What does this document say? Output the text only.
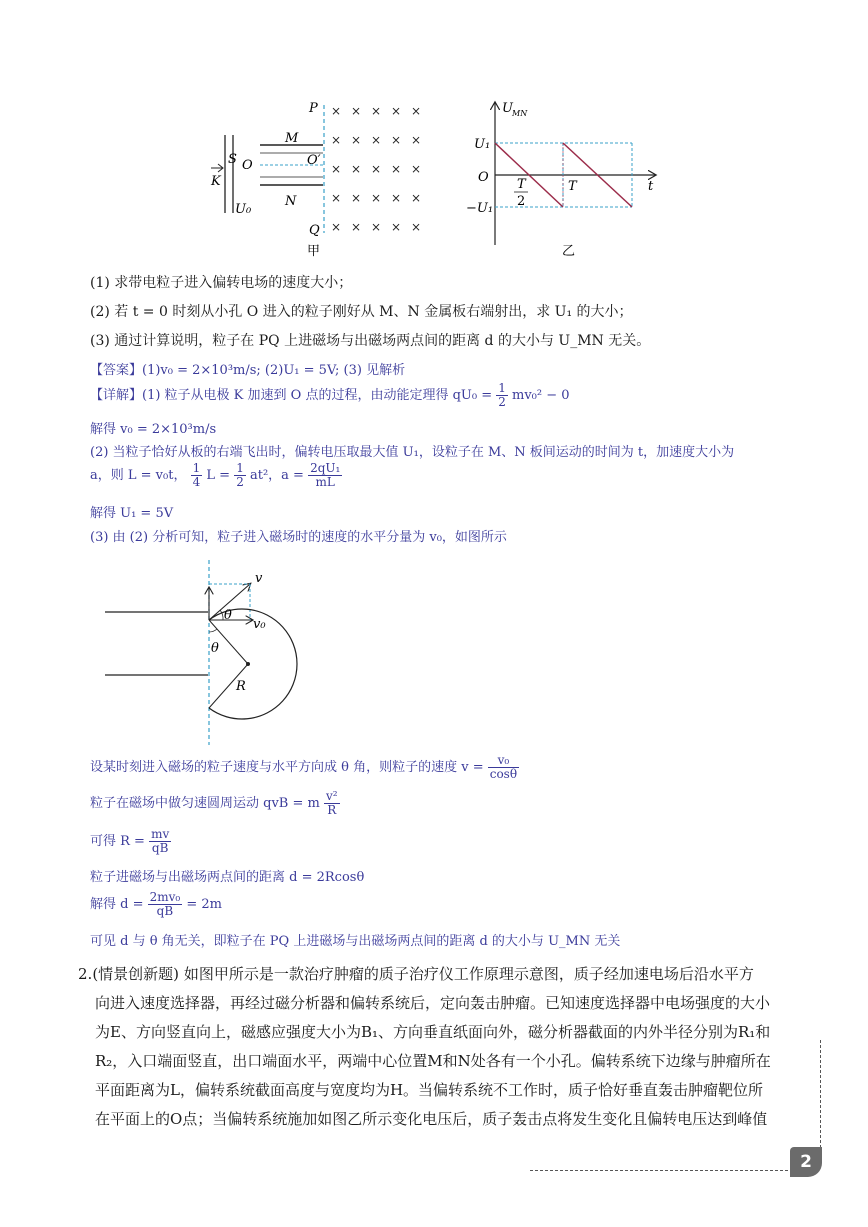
× × × × ×
× × × × ×
× × × × ×
× × × × ×
× × × × ×
P
Q
M
N
S O	O′
K
U₀
甲
U MN
U₁
O
−U₁
T
2
T	t
乙
(1) 求带电粒子进入偏转电场的速度大小；
(2) 若 t = 0 时刻从小孔 O 进入的粒子刚好从 M、N 金属板右端射出，求 U₁ 的大小；
(3) 通过计算说明，粒子在 PQ 上进磁场与出磁场两点间的距离 d 的大小与 U_MN 无关。
【答案】(1)v₀ = 2×10³m/s; (2)U₁ = 5V; (3) 见解析
【详解】(1) 粒子从电极 K 加速到 O 点的过程，由动能定理得 $qU_0 = \frac{1}{2} mv_0^2 - 0$
解得 v₀ = 2×10³m/s
(2) 当粒子恰好从板的右端飞出时，偏转电压取最大值 U₁，设粒子在 M、N 板间运动的时间为 t，加速度大小为
a，则 L = v₀t， $\frac{1}{4}$ $L = \frac{1}{2} at^2$，$a = \frac{\text{2qU₁}}{mL}$
解得 U₁ = 5V
(3) 由 (2) 分析可知，粒子进入磁场时的速度的水平分量为 v₀，如图所示
v
v₀
θ
θ
R
设某时刻进入磁场的粒子速度与水平方向成 θ 角，则粒子的速度 $v = \frac{\text{v₀}}{\cos\theta}$
粒子在磁场中做匀速圆周运动 qvB = m $\frac{\text{v²}}{R}$
可得 $R = \frac{mv}{qB}$
粒子进磁场与出磁场两点间的距离 d = 2Rcosθ
解得 $d = \frac{\text{2mv₀}}{qB} = 2m$
可见 d 与 θ 角无关，即粒子在 PQ 上进磁场与出磁场两点间的距离 d 的大小与 U_MN 无关
2.(情景创新题) 如图甲所示是一款治疗肿瘤的质子治疗仪工作原理示意图，质子经加速电场后沿水平方
向进入速度选择器，再经过磁分析器和偏转系统后，定向轰击肿瘤。已知速度选择器中电场强度的大小
为E、方向竖直向上，磁感应强度大小为B₁、方向垂直纸面向外，磁分析器截面的内外半径分别为R₁和
R₂，入口端面竖直，出口端面水平，两端中心位置M和N处各有一个小孔。偏转系统下边缘与肿瘤所在
平面距离为L，偏转系统截面高度与宽度均为H。当偏转系统不工作时，质子恰好垂直轰击肿瘤靶位所
在平面上的O点；当偏转系统施加如图乙所示变化电压后，质子轰击点将发生变化且偏转电压达到峰值
2
